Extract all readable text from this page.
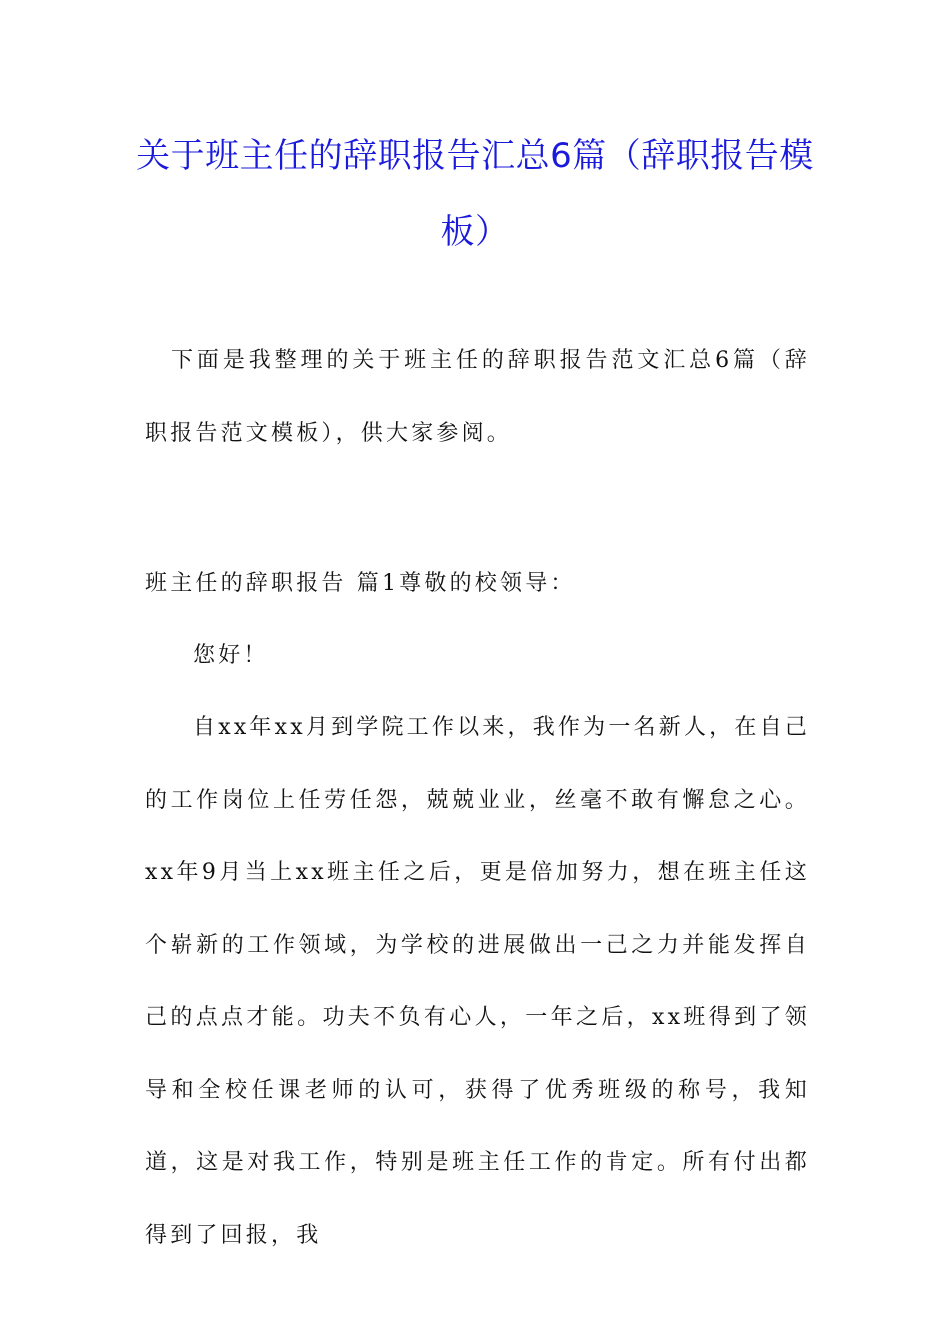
关于班主任的辞职报告汇总6篇（辞职报告模板）

下面是我整理的关于班主任的辞职报告范文汇总6篇（辞职报告范文模板），供大家参阅。

班主任的辞职报告 篇1尊敬的校领导：

您好！

自xx年xx月到学院工作以来，我作为一名新人，在自己的工作岗位上任劳任怨，兢兢业业，丝毫不敢有懈怠之心。xx年9月当上xx班主任之后，更是倍加努力，想在班主任这个崭新的工作领域，为学校的进展做出一己之力并能发挥自己的点点才能。功夫不负有心人，一年之后，xx班得到了领导和全校任课老师的认可，获得了优秀班级的称号，我知道，这是对我工作，特别是班主任工作的肯定。所有付出都得到了回报，我
